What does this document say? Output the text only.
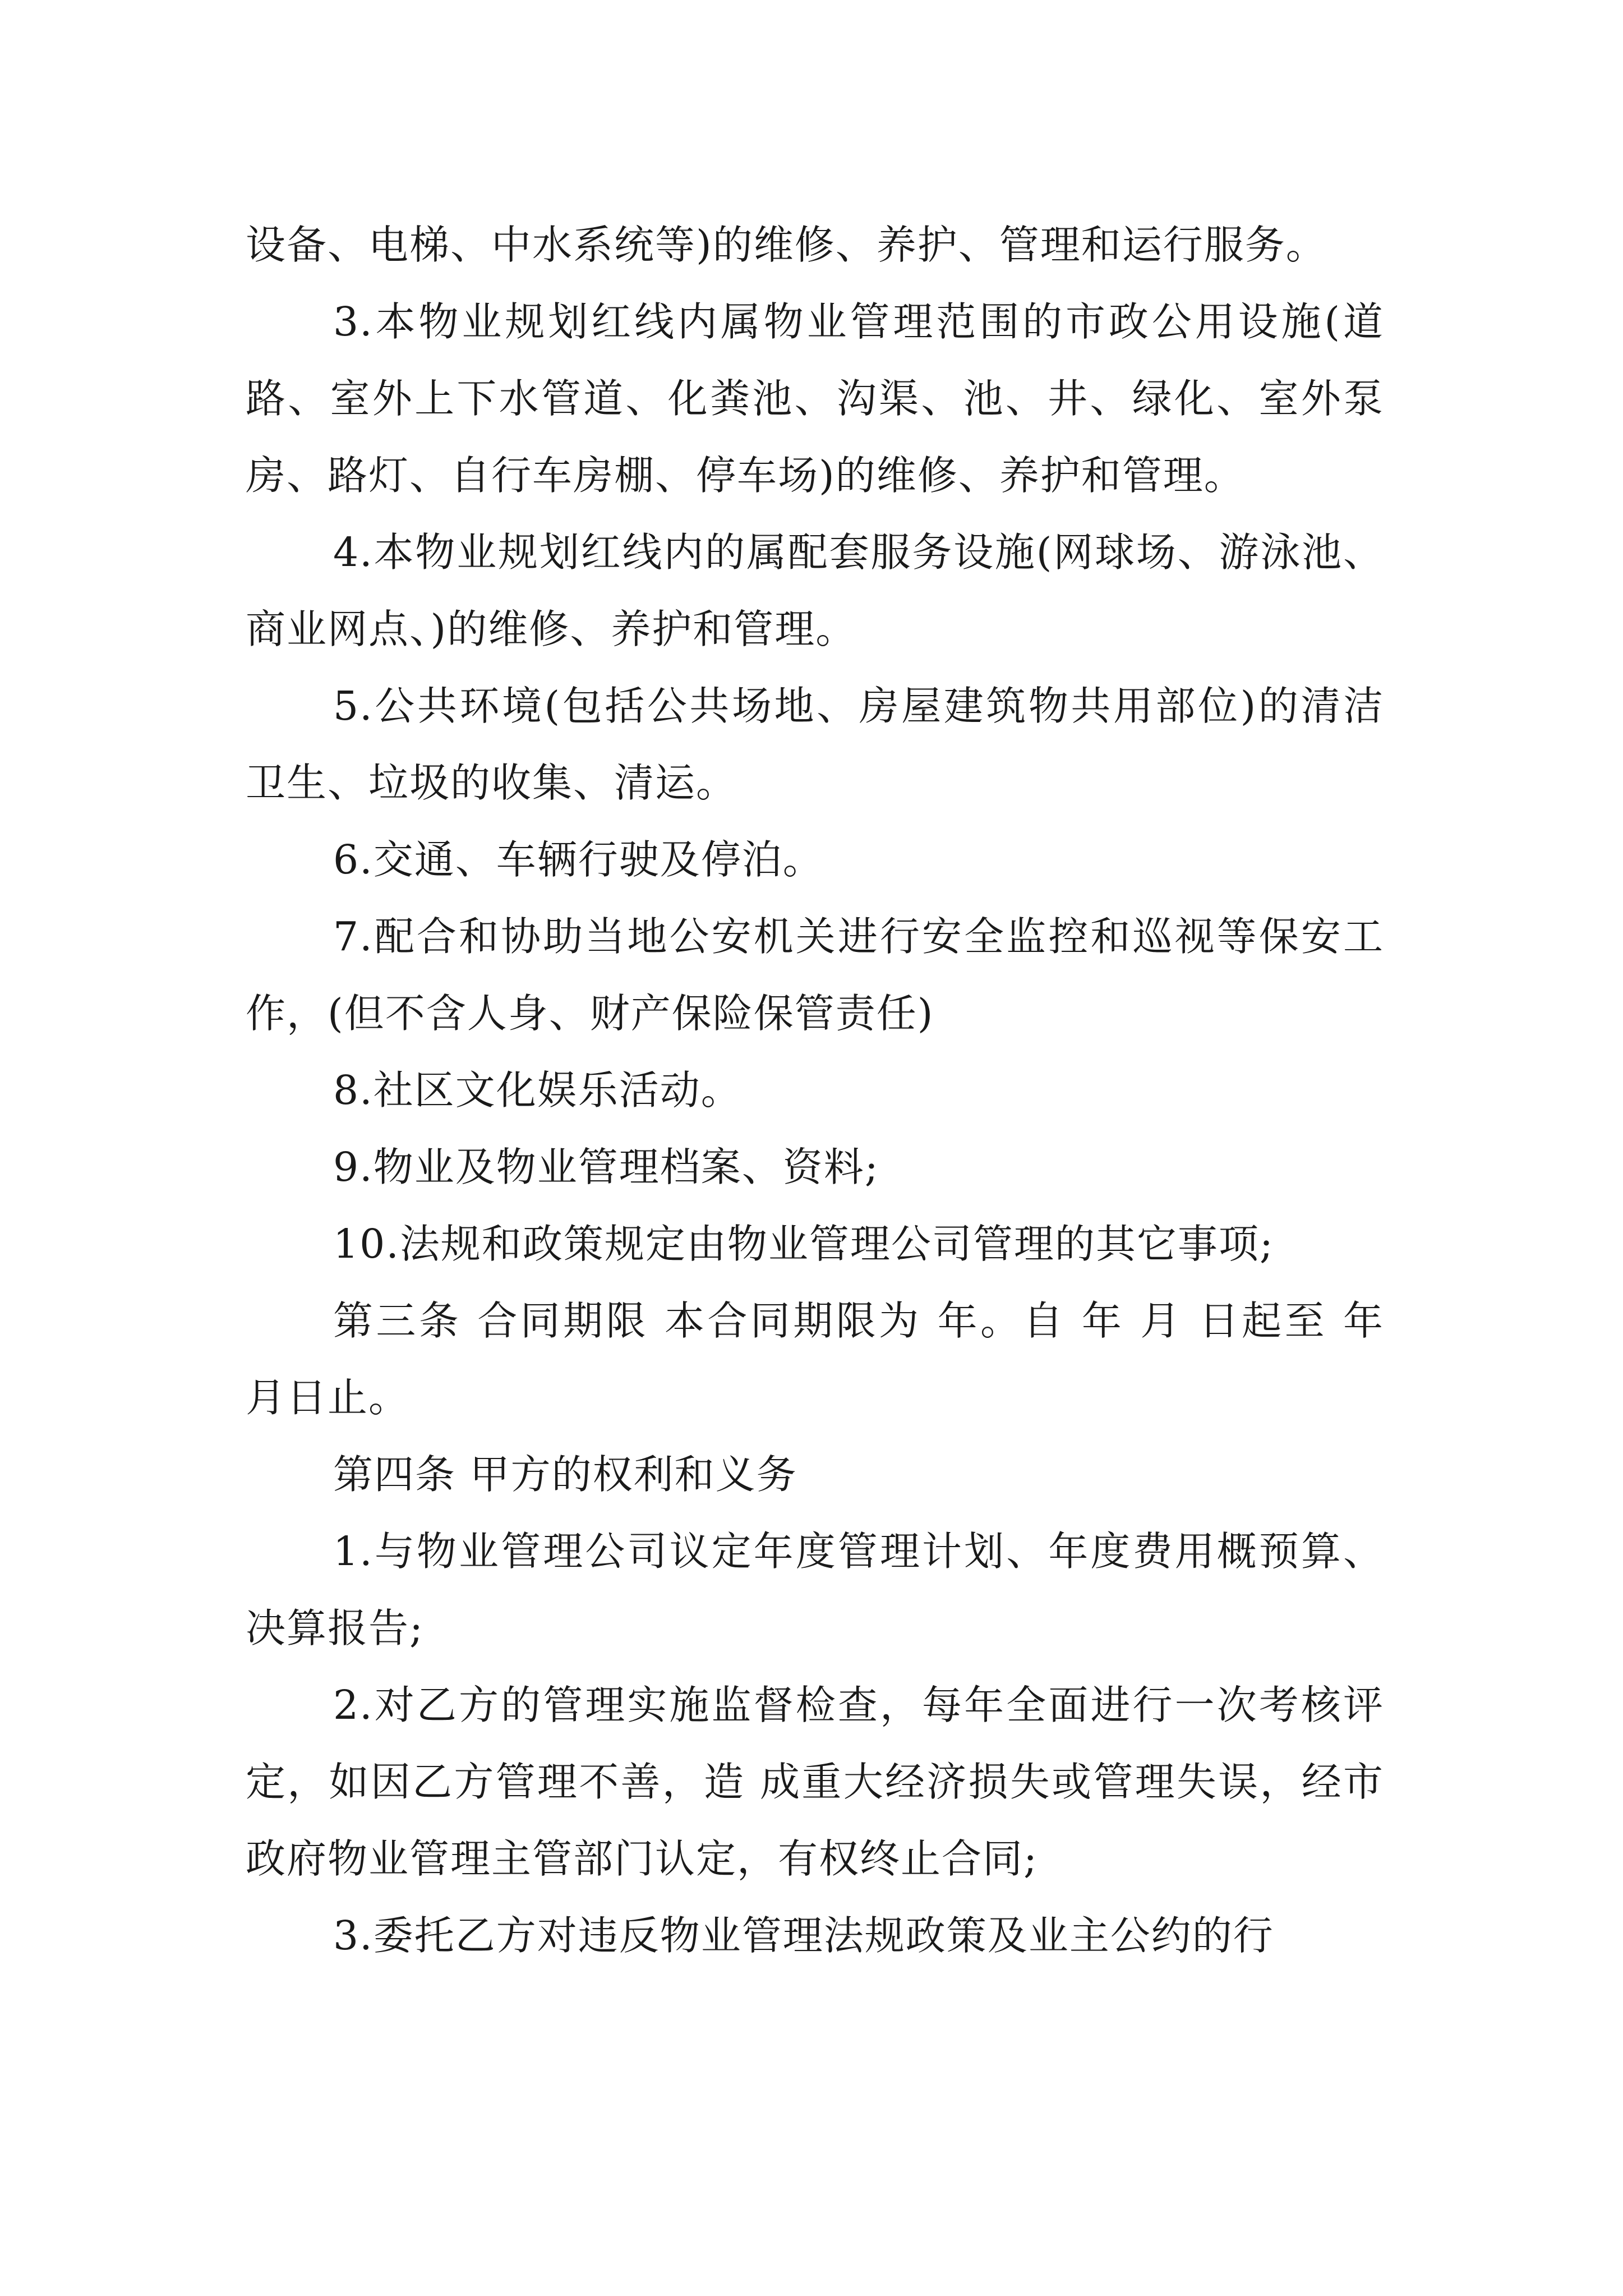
设备、电梯、中水系统等)的维修、养护、管理和运行服务。

3.本物业规划红线内属物业管理范围的市政公用设施(道路、室外上下水管道、化粪池、沟渠、池、井、绿化、室外泵房、路灯、自行车房棚、停车场)的维修、养护和管理。

4.本物业规划红线内的属配套服务设施(网球场、游泳池、商业网点、)的维修、养护和管理。

5.公共环境(包括公共场地、房屋建筑物共用部位)的清洁卫生、垃圾的收集、清运。

6.交通、车辆行驶及停泊。

7.配合和协助当地公安机关进行安全监控和巡视等保安工作，(但不含人身、财产保险保管责任)

8.社区文化娱乐活动。

9.物业及物业管理档案、资料;

10.法规和政策规定由物业管理公司管理的其它事项;

第三条 合同期限 本合同期限为 年。自 年 月 日起至 年 月日止。

第四条 甲方的权利和义务

1.与物业管理公司议定年度管理计划、年度费用概预算、决算报告;

2.对乙方的管理实施监督检查，每年全面进行一次考核评定，如因乙方管理不善，造 成重大经济损失或管理失误，经市政府物业管理主管部门认定，有权终止合同;

3.委托乙方对违反物业管理法规政策及业主公约的行
